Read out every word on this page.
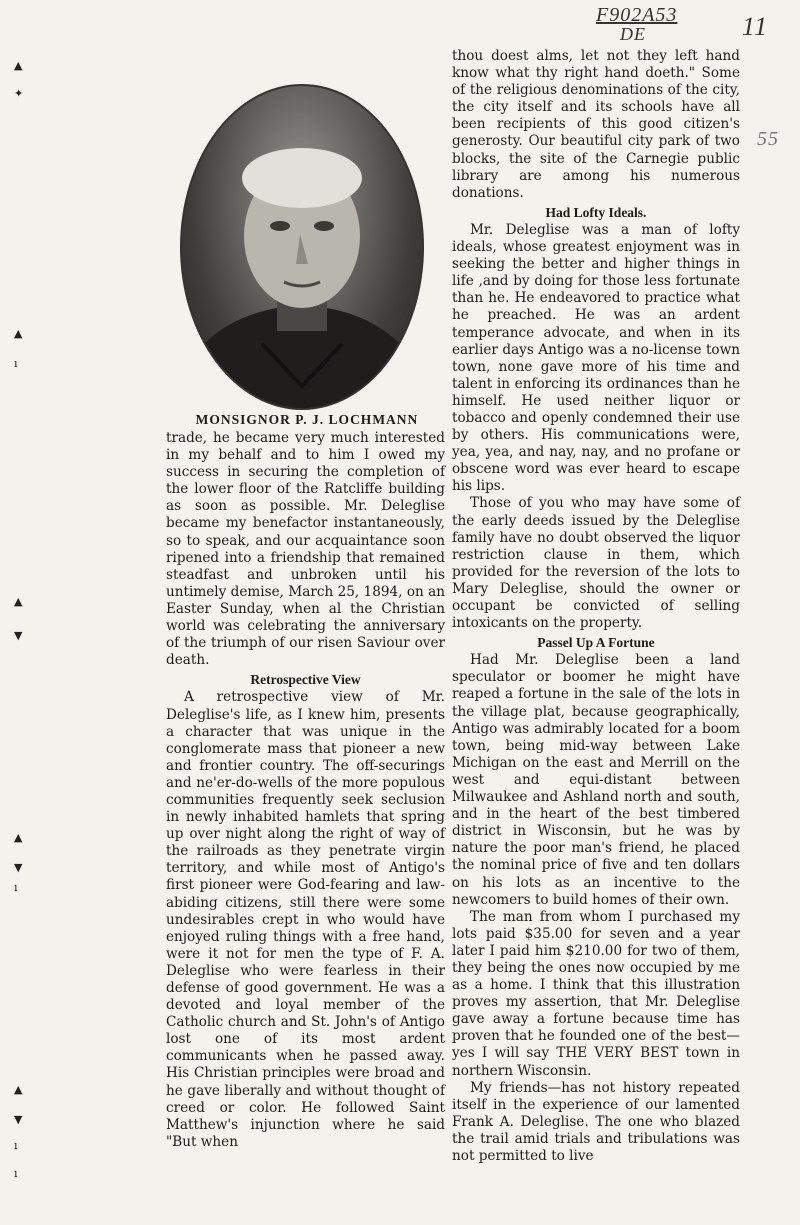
F902A53
DE	11
55
▲
✦
▲
ı
▲
▼
▲
▼
ı
▲
▼
ı
ı
MONSIGNOR P. J. LOCHMANN

trade, he became very much interested in my behalf and to him I owed my success in securing the completion of the lower floor of the Ratcliffe building as soon as possible. Mr. Deleglise became my benefactor instantaneously, so to speak, and our acquaintance soon ripened into a friendship that remained steadfast and unbroken until his untimely demise, March 25, 1894, on an Easter Sunday, when al the Christian world was celebrating the anniversary of the triumph of our risen Saviour over death.

Retrospective View

A retrospective view of Mr. Deleglise's life, as I knew him, presents a character that was unique in the conglomerate mass that pioneer a new and frontier country. The off-securings and ne'er-do-wells of the more populous communities frequently seek seclusion in newly inhabited hamlets that spring up over night along the right of way of the railroads as they penetrate virgin territory, and while most of Antigo's first pioneer were God-fearing and law-abiding citizens, still there were some undesirables crept in who would have enjoyed ruling things with a free hand, were it not for men the type of F. A. Deleglise who were fearless in their defense of good government. He was a devoted and loyal member of the Catholic church and St. John's of Antigo lost one of its most ardent communicants when he passed away. His Christian principles were broad and he gave liberally and without thought of creed or color. He followed Saint Matthew's injunction where he said "But when

thou doest alms, let not they left hand know what thy right hand doeth." Some of the religious denominations of the city, the city itself and its schools have all been recipients of this good citizen's generosty. Our beautiful city park of two blocks, the site of the Carnegie public library are among his numerous donations.

Had Lofty Ideals.

Mr. Deleglise was a man of lofty ideals, whose greatest enjoyment was in seeking the better and higher things in life ,and by doing for those less fortunate than he. He endeavored to practice what he preached. He was an ardent temperance advocate, and when in its earlier days Antigo was a no-license town town, none gave more of his time and talent in enforcing its ordinances than he himself. He used neither liquor or tobacco and openly condemned their use by others. His communications were, yea, yea, and nay, nay, and no profane or obscene word was ever heard to escape his lips.

Those of you who may have some of the early deeds issued by the Deleglise family have no doubt observed the liquor restriction clause in them, which provided for the reversion of the lots to Mary Deleglise, should the owner or occupant be convicted of selling intoxicants on the property.

Passel Up A Fortune

Had Mr. Deleglise been a land speculator or boomer he might have reaped a fortune in the sale of the lots in the village plat, because geographically, Antigo was admirably located for a boom town, being mid-way between Lake Michigan on the east and Merrill on the west and equi-distant between Milwaukee and Ashland north and south, and in the heart of the best timbered district in Wisconsin, but he was by nature the poor man's friend, he placed the nominal price of five and ten dollars on his lots as an incentive to the newcomers to build homes of their own.

The man from whom I purchased my lots paid $35.00 for seven and a year later I paid him $210.00 for two of them, they being the ones now occupied by me as a home. I think that this illustration proves my assertion, that Mr. Deleglise gave away a fortune because time has proven that he founded one of the best—yes I will say THE VERY BEST town in northern Wisconsin.

My friends—has not history repeated itself in the experience of our lamented Frank A. Deleglise. The one who blazed the trail amid trials and tribulations was not permitted to live
